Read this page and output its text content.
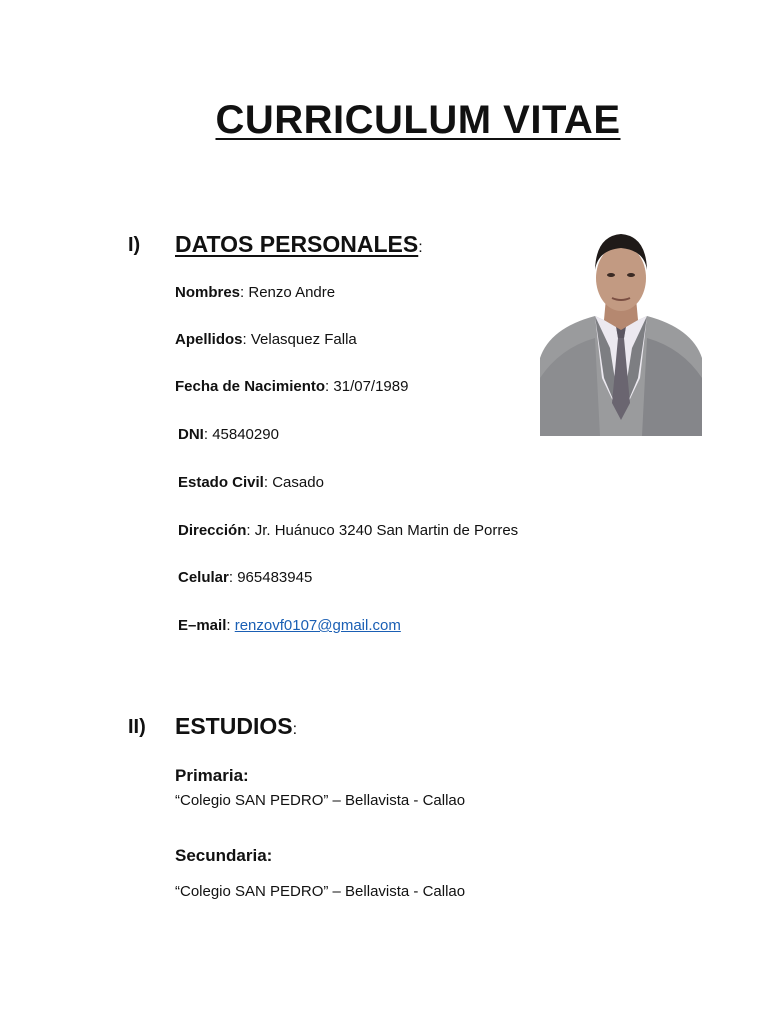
CURRICULUM VITAE
I) DATOS PERSONALES:
Nombres: Renzo Andre
Apellidos: Velasquez Falla
Fecha de Nacimiento: 31/07/1989
DNI: 45840290
Estado Civil: Casado
Dirección: Jr. Huánuco 3240 San Martin de Porres
Celular: 965483945
E–mail: renzovf0107@gmail.com
II) ESTUDIOS:
Primaria:
“Colegio SAN PEDRO” – Bellavista - Callao
Secundaria:
“Colegio SAN PEDRO” – Bellavista - Callao
